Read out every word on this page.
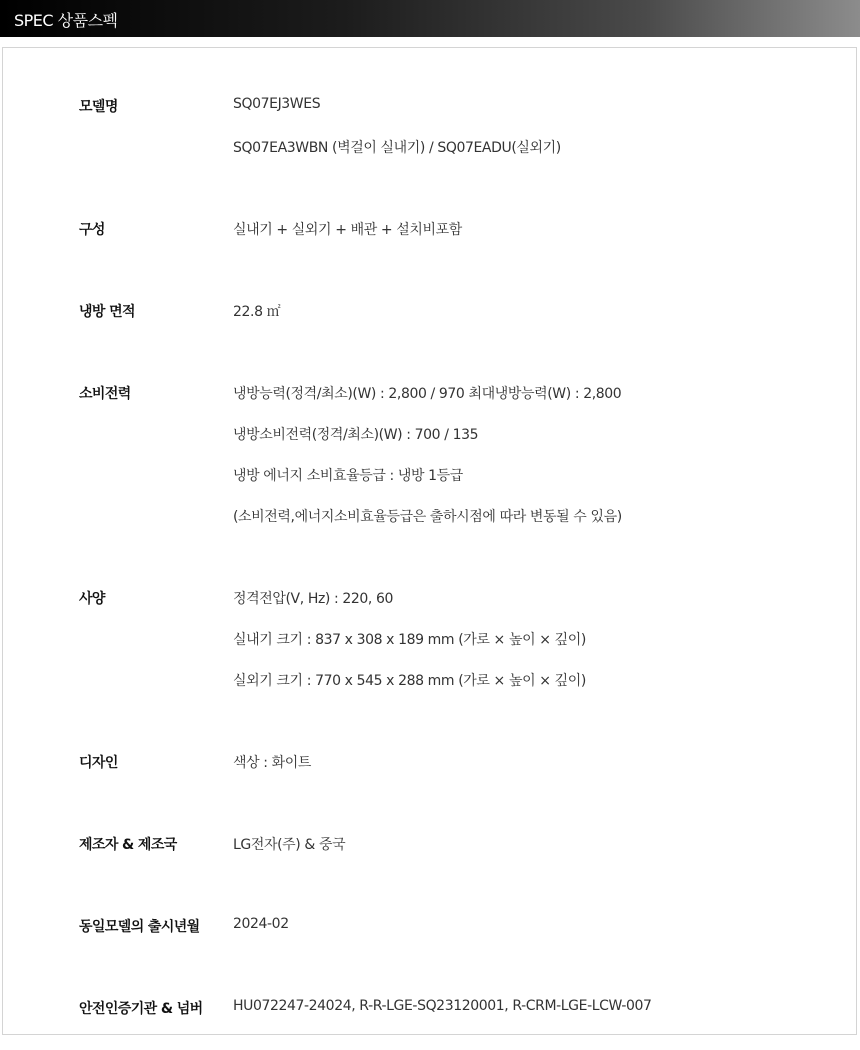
SPEC 상품스펙
모델명	SQ07EJ3WES
SQ07EA3WBN (벽걸이 실내기) / SQ07EADU(실외기)
구성	실내기 + 실외기 + 배관 + 설치비포함
냉방 면적	22.8 ㎡
소비전력	냉방능력(정격/최소)(W) : 2,800 / 970 최대냉방능력(W) : 2,800
냉방소비전력(정격/최소)(W) : 700 / 135
냉방 에너지 소비효율등급 : 냉방 1등급
(소비전력,에너지소비효율등급은 출하시점에 따라 변동될 수 있음)
사양	정격전압(V, Hz) : 220, 60
실내기 크기 : 837 x 308 x 189 mm (가로 × 높이 × 깊이)
실외기 크기 : 770 x 545 x 288 mm (가로 × 높이 × 깊이)
디자인	색상 : 화이트
제조자 & 제조국	LG전자(주) & 중국
동일모델의 출시년월 2024-02
안전인증기관 & 넘버 HU072247-24024, R-R-LGE-SQ23120001, R-CRM-LGE-LCW-007
